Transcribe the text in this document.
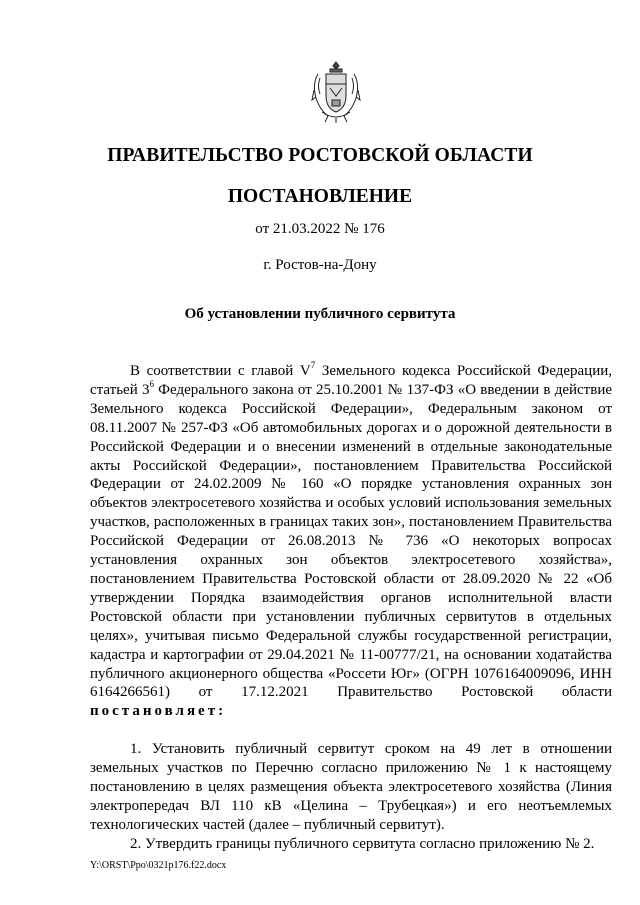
ПРАВИТЕЛЬСТВО РОСТОВСКОЙ ОБЛАСТИ
ПОСТАНОВЛЕНИЕ
от 21.03.2022 № 176
г. Ростов-на-Дону
Об установлении публичного сервитута

В соответствии с главой $V^7$ Земельного кодекса Российской Федерации, статьей $3^6$ Федерального закона от 25.10.2001 № 137-ФЗ «О введении в действие Земельного кодекса Российской Федерации», Федеральным законом от 08.11.2007 № 257-ФЗ «Об автомобильных дорогах и о дорожной деятельности в Российской Федерации и о внесении изменений в отдельные законодательные акты Российской Федерации», постановлением Правительства Российской Федерации от 24.02.2009 № 160 «О порядке установления охранных зон объектов электросетевого хозяйства и особых условий использования земельных участков, расположенных в границах таких зон», постановлением Правительства Российской Федерации от 26.08.2013 № 736 «О некоторых вопросах установления охранных зон объектов электросетевого хозяйства», постановлением Правительства Ростовской области от 28.09.2020 № 22 «Об утверждении Порядка взаимодействия органов исполнительной власти Ростовской области при установлении публичных сервитутов в отдельных целях», учитывая письмо Федеральной службы государственной регистрации, кадастра и картографии от 29.04.2021 № 11-00777/21, на основании ходатайства публичного акционерного общества «Россети Юг» (ОГРН 1076164009096, ИНН 6164266561) от 17.12.2021 Правительство Ростовской области постановляет:

1. Установить публичный сервитут сроком на 49 лет в отношении земельных участков по Перечню согласно приложению № 1 к настоящему постановлению в целях размещения объекта электросетевого хозяйства (Линия электропередач ВЛ 110 кВ «Целина – Трубецкая») и его неотъемлемых технологических частей (далее – публичный сервитут).

2. Утвердить границы публичного сервитута согласно приложению № 2.

Y:\ORST\Ppo\0321p176.f22.docx
